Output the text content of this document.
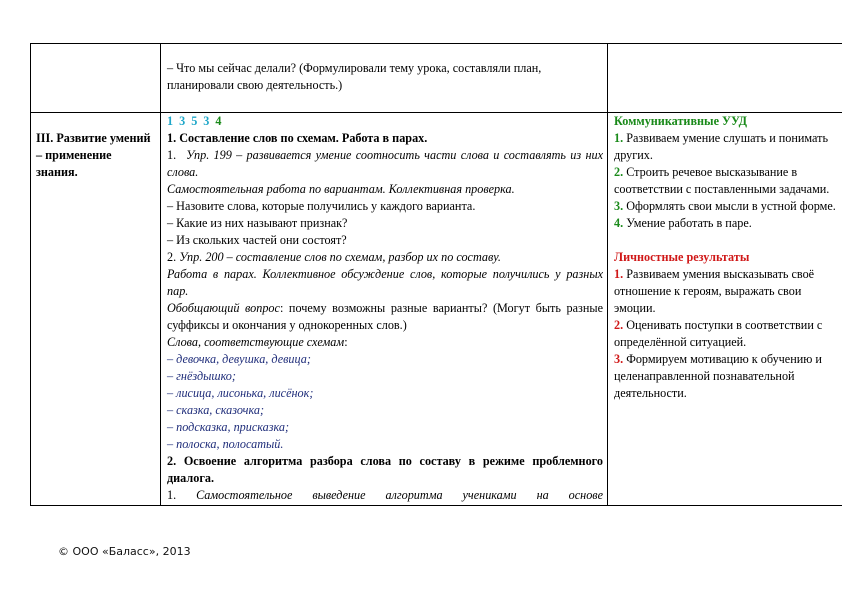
– Что мы сейчас делали? (Формулировали тему урока, составляли план, планировали свою деятельность.)

III. Развитие умений – применение знания.

1 3 5 3 4

1. Составление слов по схемам. Работа в парах.

1. Упр. 199 – развивается умение соотносить части слова и составлять из них слова.

Самостоятельная работа по вариантам. Коллективная проверка.

– Назовите слова, которые получились у каждого варианта.

– Какие из них называют признак?

– Из скольких частей они состоят?

2. Упр. 200 – составление слов по схемам, разбор их по составу.

Работа в парах. Коллективное обсуждение слов, которые получились у разных пар.

Обобщающий вопрос: почему возможны разные варианты? (Могут быть разные суффиксы и окончания у однокоренных слов.)

Слова, соответствующие схемам:

– девочка, девушка, девица;

– гнёздышко;

– лисица, лисонька, лисёнок;

– сказка, сказочка;

– подсказка, присказка;

– полоска, полосатый.

2. Освоение алгоритма разбора слова по составу в режиме проблемного диалога.

1. Самостоятельное выведение алгоритма учениками на основе

Коммуникативные УУД

1. Развиваем умение слушать и понимать других.

2. Строить речевое высказывание в соответствии с поставленными задачами.

3. Оформлять свои мысли в устной форме.

4. Умение работать в паре.

Личностные результаты

1. Развиваем умения высказывать своё отношение к героям, выражать свои эмоции.

2. Оценивать поступки в соответствии с определённой ситуацией.

3. Формируем мотивацию к обучению и целенаправленной познавательной деятельности.

© ООО «Баласс», 2013
